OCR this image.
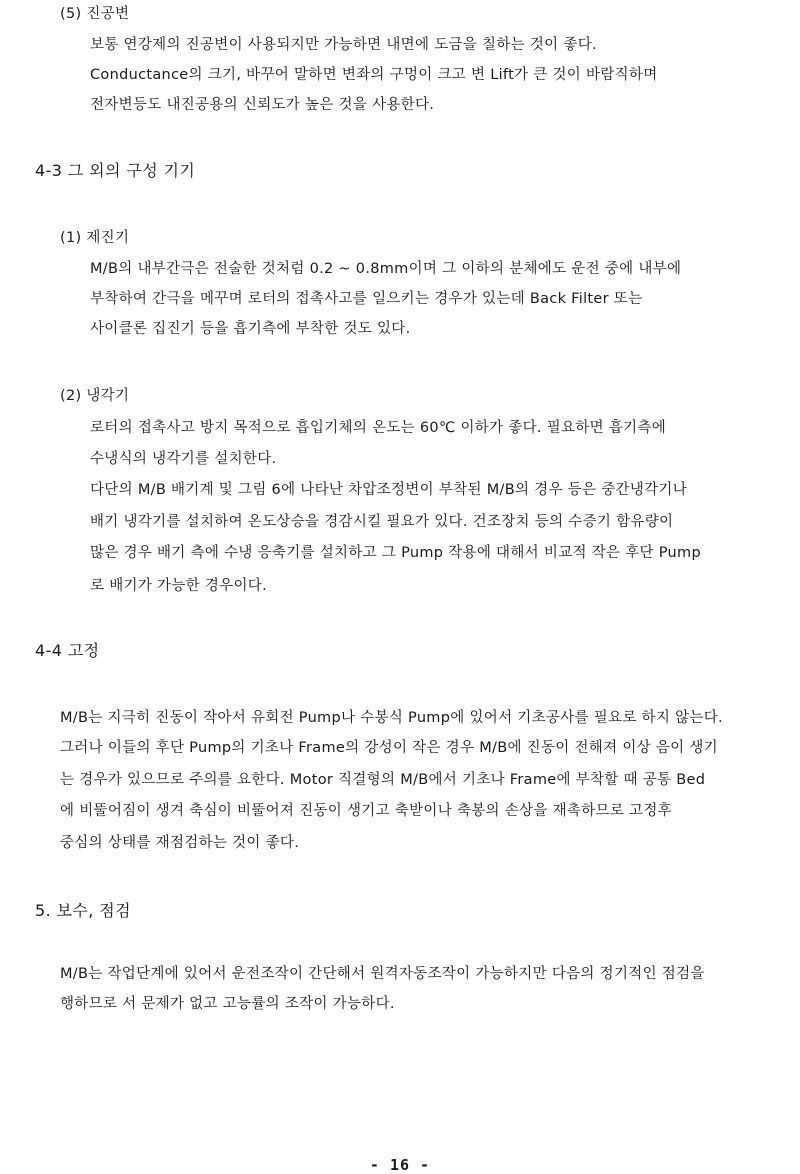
(5) 진공변
보통 연강제의 진공변이 사용되지만 가능하면 내면에 도금을 칠하는 것이 좋다.
Conductance의 크기, 바꾸어 말하면 변좌의 구멍이 크고 변 Lift가 큰 것이 바람직하며
전자변등도 내진공용의 신뢰도가 높은 것을 사용한다.
4-3 그 외의 구성 기기
(1) 제진기
M/B의 내부간극은 전술한 것처럼 0.2 ~ 0.8mm이며 그 이하의 분체에도 운전 중에 내부에
부착하여 간극을 메꾸며 로터의 접촉사고를 일으키는 경우가 있는데 Back Filter 또는
사이클론 집진기 등을 흡기측에 부착한 것도 있다.
(2) 냉각기
로터의 접촉사고 방지 목적으로 흡입기체의 온도는 60℃ 이하가 좋다. 필요하면 흡기측에
수냉식의 냉각기를 설치한다.
다단의 M/B 배기계 및 그림 6에 나타난 차압조정변이 부착된 M/B의 경우 등은 중간냉각기나
배기 냉각기를 설치하여 온도상승을 경감시킬 필요가 있다. 건조장치 등의 수증기 함유량이
많은 경우 배기 측에 수냉 응축기를 설치하고 그 Pump 작용에 대해서 비교적 작은 후단 Pump
로 배기가 가능한 경우이다.
4-4 고정
M/B는 지극히 진동이 작아서 유회전 Pump나 수봉식 Pump에 있어서 기초공사를 필요로 하지 않는다.
그러나 이들의 후단 Pump의 기초나 Frame의 강성이 작은 경우 M/B에 진동이 전해져 이상 음이 생기
는 경우가 있으므로 주의를 요한다. Motor 직결형의 M/B에서 기초나 Frame에 부착할 때 공통 Bed
에 비뚤어짐이 생겨 축심이 비뚤어져 진동이 생기고 축받이나 축봉의 손상을 재촉하므로 고정후
중심의 상태를 재점검하는 것이 좋다.
5. 보수, 점검
M/B는 작업단계에 있어서 운전조작이 간단해서 원격자동조작이 가능하지만 다음의 정기적인 점검을
행하므로 서 문제가 없고 고능률의 조작이 가능하다.
- 16 -
